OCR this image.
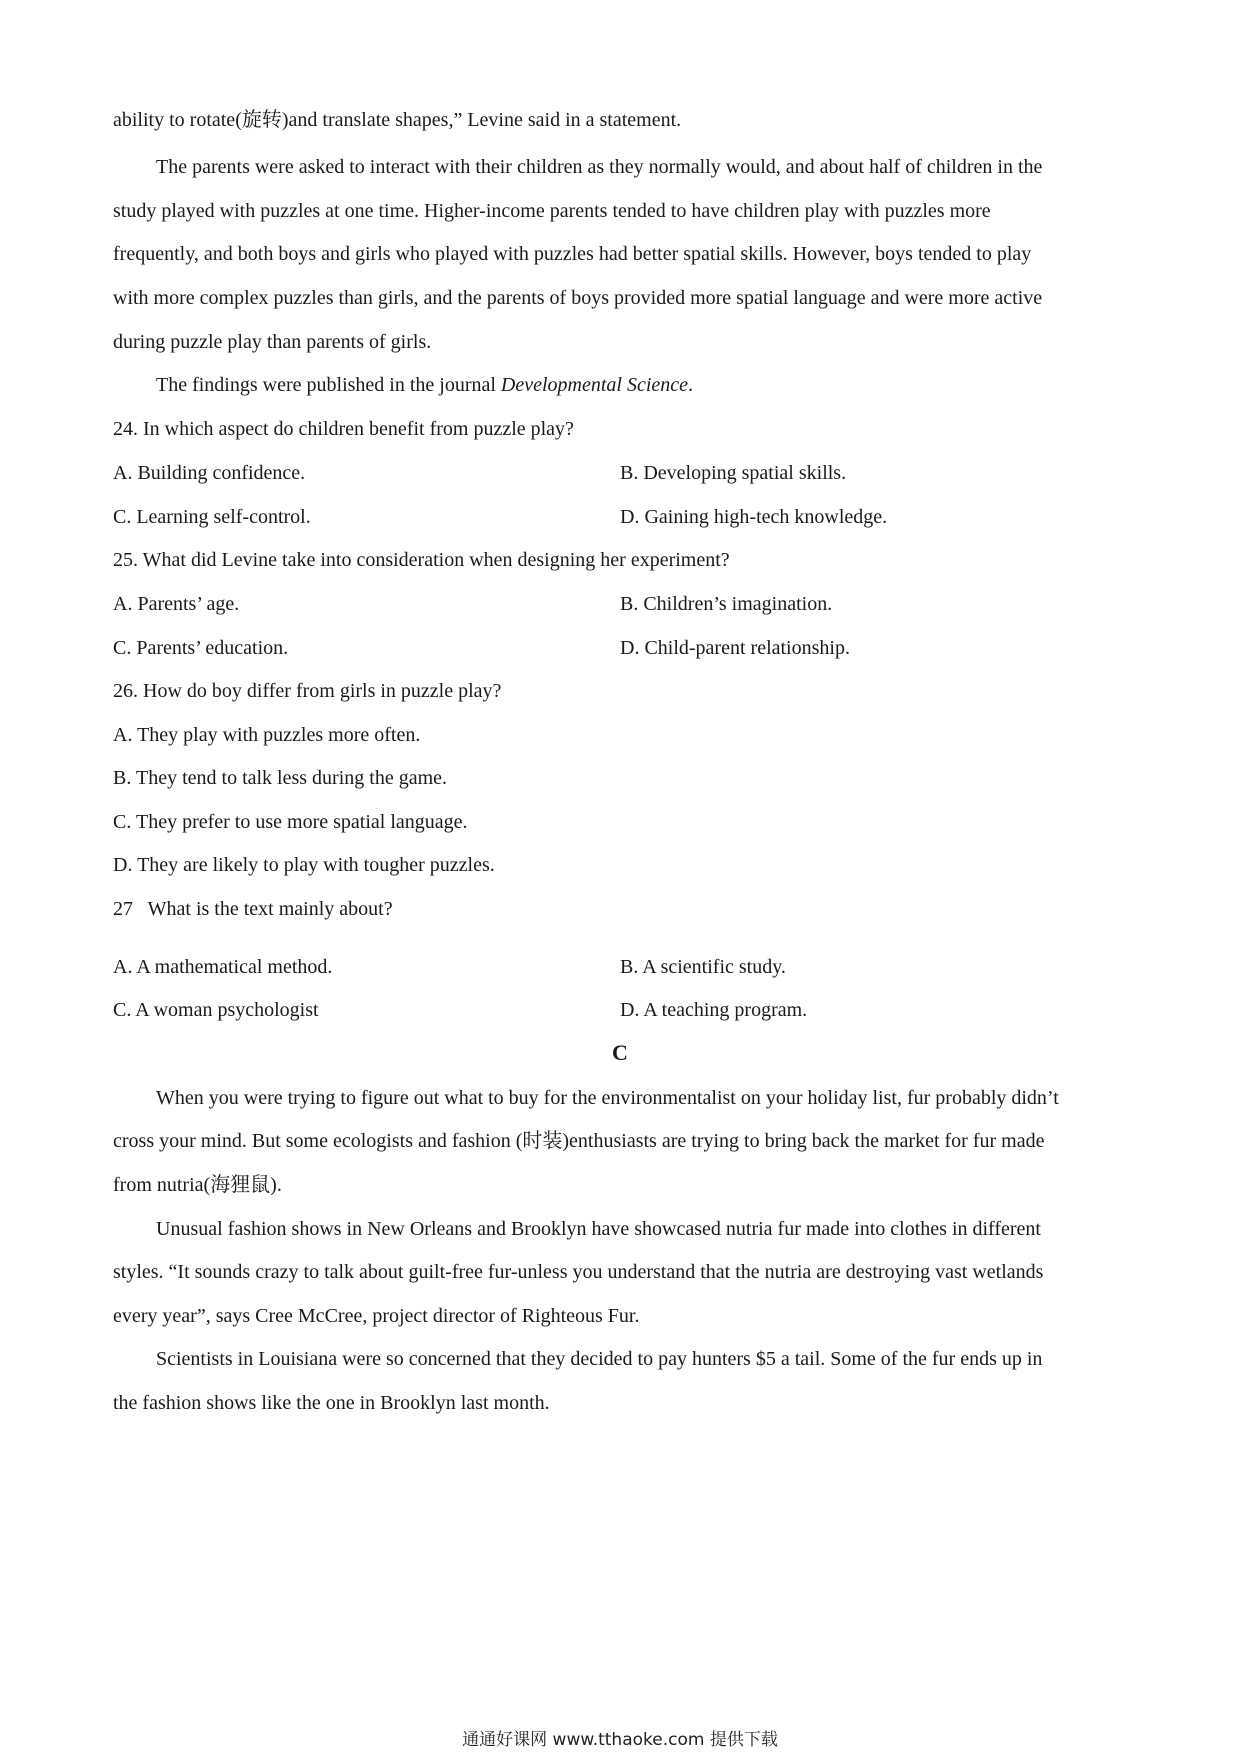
ability to rotate(旋转)and translate shapes,” Levine said in a statement.
The parents were asked to interact with their children as they normally would, and about half of children in the
study played with puzzles at one time. Higher-income parents tended to have children play with puzzles more
frequently, and both boys and girls who played with puzzles had better spatial skills. However, boys tended to play
with more complex puzzles than girls, and the parents of boys provided more spatial language and were more active
during puzzle play than parents of girls.
The findings were published in the journal Developmental Science.
24. In which aspect do children benefit from puzzle play?
A. Building confidence.	B. Developing spatial skills.
C. Learning self-control.	D. Gaining high-tech knowledge.
25. What did Levine take into consideration when designing her experiment?
A. Parents’ age.	B. Children’s imagination.
C. Parents’ education.	D. Child-parent relationship.
26. How do boy differ from girls in puzzle play?
A. They play with puzzles more often.
B. They tend to talk less during the game.
C. They prefer to use more spatial language.
D. They are likely to play with tougher puzzles.
27   What is the text mainly about?
A. A mathematical method.	B. A scientific study.
C. A woman psychologist	D. A teaching program.
C
When you were trying to figure out what to buy for the environmentalist on your holiday list, fur probably didn’t
cross your mind. But some ecologists and fashion (时装)enthusiasts are trying to bring back the market for fur made
from nutria(海狸鼠).
Unusual fashion shows in New Orleans and Brooklyn have showcased nutria fur made into clothes in different
styles. “It sounds crazy to talk about guilt-free fur-unless you understand that the nutria are destroying vast wetlands
every year”, says Cree McCree, project director of Righteous Fur.
Scientists in Louisiana were so concerned that they decided to pay hunters $5 a tail. Some of the fur ends up in
the fashion shows like the one in Brooklyn last month.
通通好课网 www.tthaoke.com 提供下载
